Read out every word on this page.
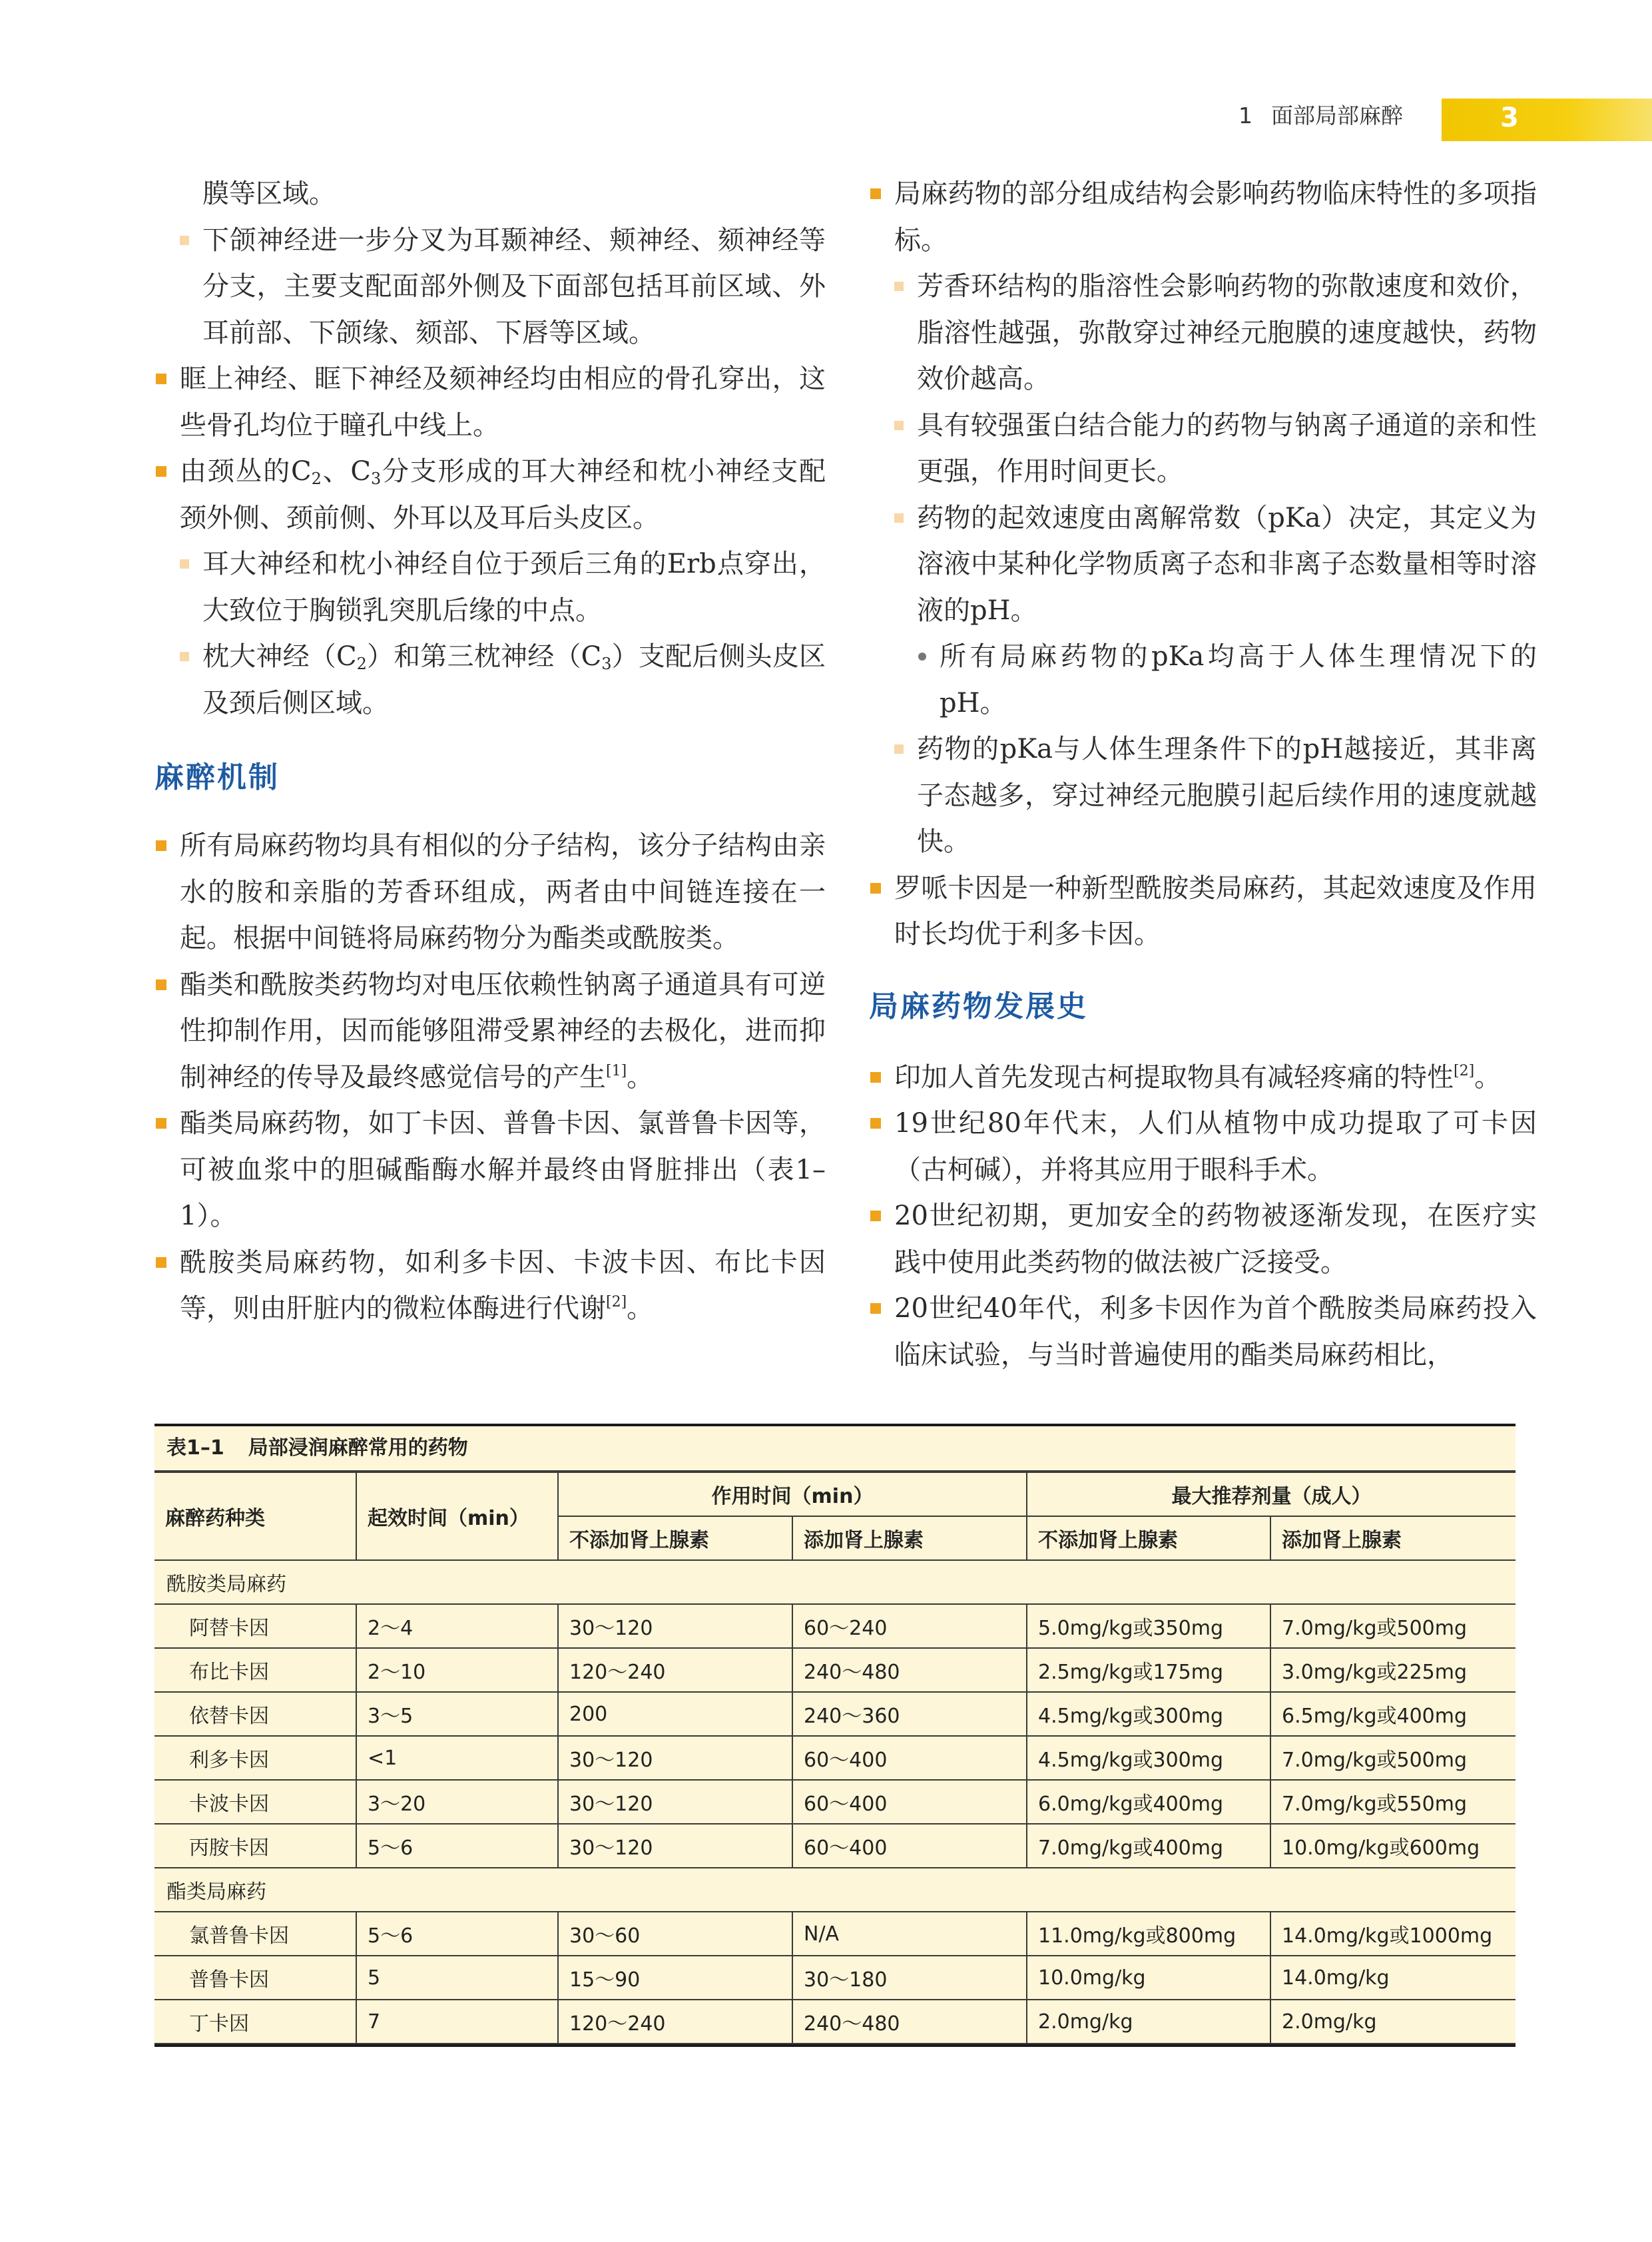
1 面部局部麻醉	3

膜等区域。

下颌神经进一步分叉为耳颞神经、颊神经、颏神经等分支，主要支配面部外侧及下面部包括耳前区域、外耳前部、下颌缘、颏部、下唇等区域。

眶上神经、眶下神经及颏神经均由相应的骨孔穿出，这些骨孔均位于瞳孔中线上。

由颈丛的$C_2$、$C_3$分支形成的耳大神经和枕小神经支配颈外侧、颈前侧、外耳以及耳后头皮区。

耳大神经和枕小神经自位于颈后三角的Erb点穿出，大致位于胸锁乳突肌后缘的中点。

枕大神经$(C_2)$和第三枕神经$(C_3)$支配后侧头皮区及颈后侧区域。

麻醉机制

所有局麻药物均具有相似的分子结构，该分子结构由亲水的胺和亲脂的芳香环组成，两者由中间链连接在一起。根据中间链将局麻药物分为酯类或酰胺类。

酯类和酰胺类药物均对电压依赖性钠离子通道具有可逆性抑制作用，因而能够阻滞受累神经的去极化，进而抑制神经的传导及最终感觉信号的产生[1]。

酯类局麻药物，如丁卡因、普鲁卡因、氯普鲁卡因等，可被血浆中的胆碱酯酶水解并最终由肾脏排出（表1–1）。

酰胺类局麻药物，如利多卡因、卡波卡因、布比卡因等，则由肝脏内的微粒体酶进行代谢[2]。

局麻药物的部分组成结构会影响药物临床特性的多项指标。

芳香环结构的脂溶性会影响药物的弥散速度和效价，脂溶性越强，弥散穿过神经元胞膜的速度越快，药物效价越高。

具有较强蛋白结合能力的药物与钠离子通道的亲和性更强，作用时间更长。

药物的起效速度由离解常数（pKa）决定，其定义为溶液中某种化学物质离子态和非离子态数量相等时溶液的pH。

所有局麻药物的pKa均高于人体生理情况下的pH。

药物的pKa与人体生理条件下的pH越接近，其非离子态越多，穿过神经元胞膜引起后续作用的速度就越快。

罗哌卡因是一种新型酰胺类局麻药，其起效速度及作用时长均优于利多卡因。

局麻药物发展史

印加人首先发现古柯提取物具有减轻疼痛的特性[2]。

19世纪80年代末，人们从植物中成功提取了可卡因（古柯碱），并将其应用于眼科手术。

20世纪初期，更加安全的药物被逐渐发现，在医疗实践中使用此类药物的做法被广泛接受。

20世纪40年代，利多卡因作为首个酰胺类局麻药投入临床试验，与当时普遍使用的酯类局麻药相比，

表1–1 局部浸润麻醉常用的药物
麻醉药种类	起效时间（min）	作用时间（min）		最大推荐剂量（成人）	
		不添加肾上腺素	添加肾上腺素	不添加肾上腺素	添加肾上腺素
酰胺类局麻药					
阿替卡因	2～4	30～120	60～240	5.0mg/kg或350mg	7.0mg/kg或500mg
布比卡因	2～10	120～240	240～480	2.5mg/kg或175mg	3.0mg/kg或225mg
依替卡因	3～5	200	240～360	4.5mg/kg或300mg	6.5mg/kg或400mg
利多卡因	<1	30～120	60～400	4.5mg/kg或300mg	7.0mg/kg或500mg
卡波卡因	3～20	30～120	60～400	6.0mg/kg或400mg	7.0mg/kg或550mg
丙胺卡因	5～6	30～120	60～400	7.0mg/kg或400mg	10.0mg/kg或600mg
酯类局麻药					
氯普鲁卡因	5～6	30～60	N/A	11.0mg/kg或800mg	14.0mg/kg或1000mg
普鲁卡因	5	15～90	30～180	10.0mg/kg	14.0mg/kg
丁卡因	7	120～240	240～480	2.0mg/kg	2.0mg/kg
